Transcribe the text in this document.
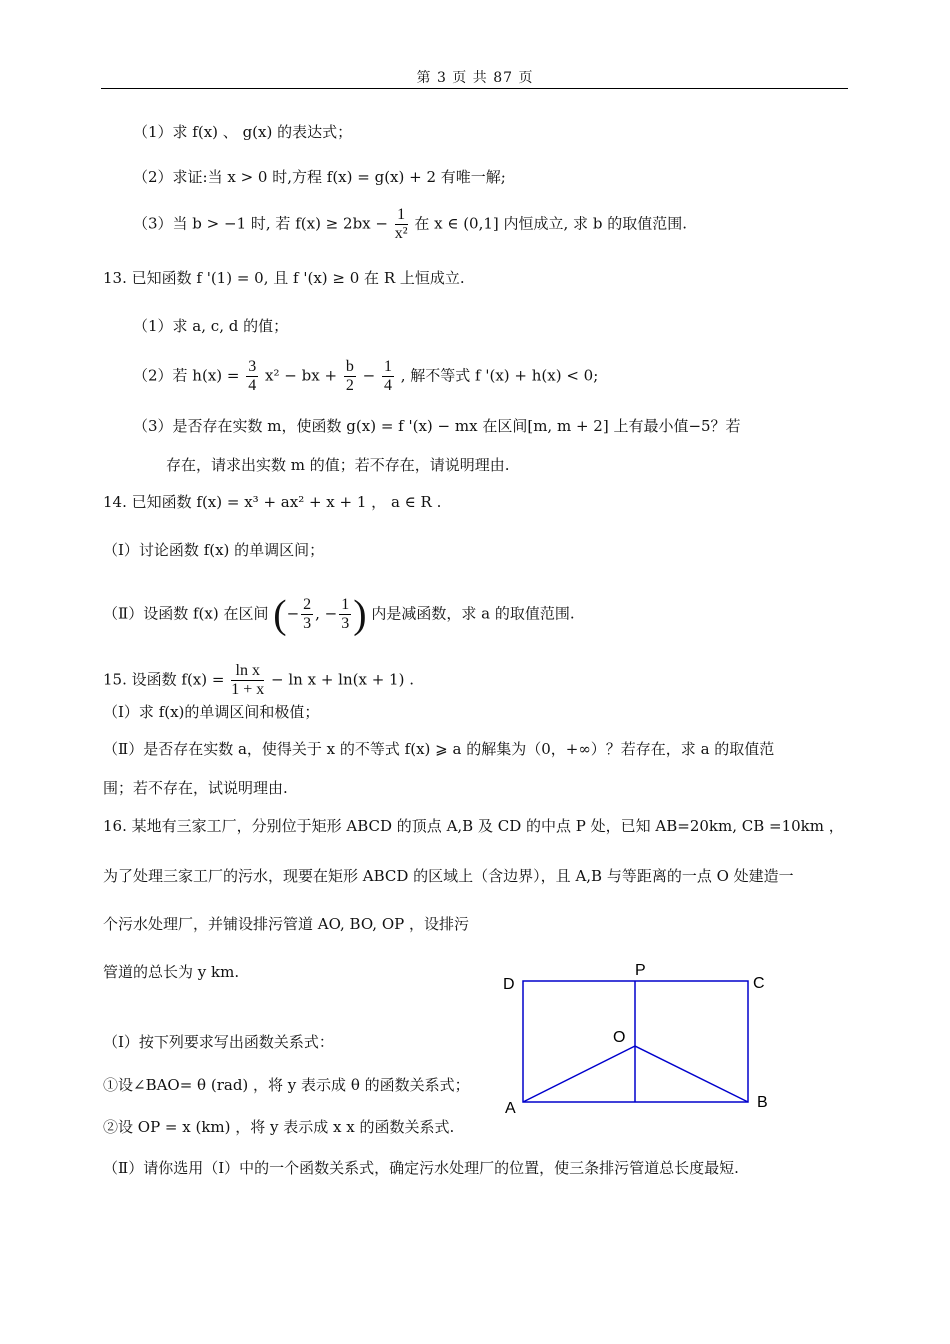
第 3 页 共 87 页
（1）求 f(x) 、 g(x) 的表达式；
（2）求证:当 x > 0 时,方程 f(x) = g(x) + 2 有唯一解;
（3）当 b > −1 时, 若 $f(x) \ge 2bx - \frac{1}{\text{x²}}$ 在 x ∈ (0,1] 内恒成立, 求 b 的取值范围.
13. 已知函数 f '(1) = 0, 且 f '(x) ≥ 0 在 R 上恒成立.
（1）求 a, c, d 的值；
（2）若 $h(x) = \frac{3}{4} x^2$ − bx + $\frac{b}{2} - \frac{1}{4}$ , 解不等式 f '(x) + h(x) < 0;
（3）是否存在实数 m，使函数 g(x) = f '(x) − mx 在区间[m, m + 2] 上有最小值−5？若
存在，请求出实数 m 的值；若不存在，请说明理由.
14. 已知函数 f(x) = x³ + ax² + x + 1 ， a ∈ R .
（Ⅰ）讨论函数 f(x) 的单调区间；
（Ⅱ）设函数 f(x) 在区间 (− $\frac{2}{3}$ , − $\frac{1}{3}$ ) 内是减函数，求 a 的取值范围.
15. 设函数 $f(x) = \frac{\text{ln x}}{1 + x} - \ln x + \ln(x + 1)$ .
（Ⅰ）求 f(x)的单调区间和极值；
（Ⅱ）是否存在实数 a，使得关于 x 的不等式 f(x) ⩾ a 的解集为（0，+∞）？若存在，求 a 的取值范
围；若不存在，试说明理由.
16. 某地有三家工厂，分别位于矩形 ABCD 的顶点 A,B 及 CD 的中点 P 处，已知 AB=20km, CB =10km ，
为了处理三家工厂的污水，现要在矩形 ABCD 的区域上（含边界），且 A,B 与等距离的一点 O 处建造一
个污水处理厂，并铺设排污管道 AO, BO, OP ，设排污
管道的总长为 y km.
（Ⅰ）按下列要求写出函数关系式：
①设∠BAO= θ (rad) ，将 y 表示成 θ 的函数关系式；
②设 OP = x (km) ，将 y 表示成 x x 的函数关系式.
（Ⅱ）请你选用（Ⅰ）中的一个函数关系式，确定污水处理厂的位置，使三条排污管道总长度最短.
D
P
C
O
A	B
